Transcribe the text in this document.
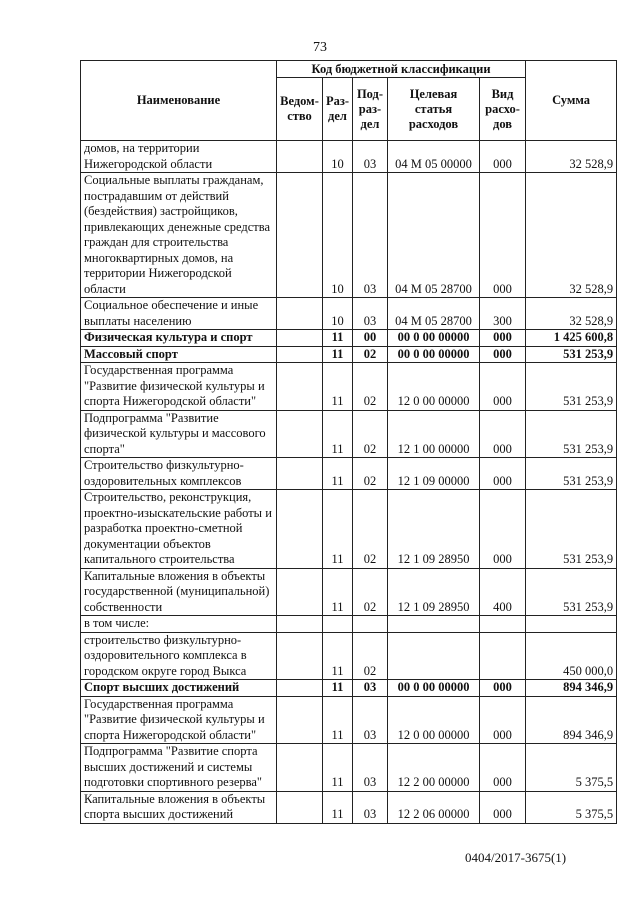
73
Наименование	Код бюджетной классификации					Сумма
	Ведом-ство	Раз-дел	Под-раз-дел	Целевая статья расходов	Вид расхо-дов	
домов, на территории Нижегородской области		10	03	04 М 05 00000	000	32 528,9
Социальные выплаты гражданам, пострадавшим от действий (бездействия) застройщиков, привлекающих денежные средства граждан для строительства многоквартирных домов, на территории Нижегородской области		10	03	04 М 05 28700	000	32 528,9
Социальное обеспечение и иные выплаты населению		10	03	04 М 05 28700	300	32 528,9
Физическая культура и спорт		11	00	00 0 00 00000	000	1 425 600,8
Массовый спорт		11	02	00 0 00 00000	000	531 253,9
Государственная программа "Развитие физической культуры и спорта Нижегородской области"		11	02	12 0 00 00000	000	531 253,9
Подпрограмма "Развитие физической культуры и массового спорта"		11	02	12 1 00 00000	000	531 253,9
Строительство физкультурно-оздоровительных комплексов		11	02	12 1 09 00000	000	531 253,9
Строительство, реконструкция, проектно-изыскательские работы и разработка проектно-сметной документации объектов капитального строительства		11	02	12 1 09 28950	000	531 253,9
Капитальные вложения в объекты государственной (муниципальной) собственности		11	02	12 1 09 28950	400	531 253,9
в том числе:						
строительство физкультурно-оздоровительного комплекса в городском округе город Выкса		11	02			450 000,0
Спорт высших достижений		11	03	00 0 00 00000	000	894 346,9
Государственная программа "Развитие физической культуры и спорта Нижегородской области"		11	03	12 0 00 00000	000	894 346,9
Подпрограмма "Развитие спорта высших достижений и системы подготовки спортивного резерва"		11	03	12 2 00 00000	000	5 375,5
Капитальные вложения в объекты спорта высших достижений		11	03	12 2 06 00000	000	5 375,5
0404/2017-3675(1)
